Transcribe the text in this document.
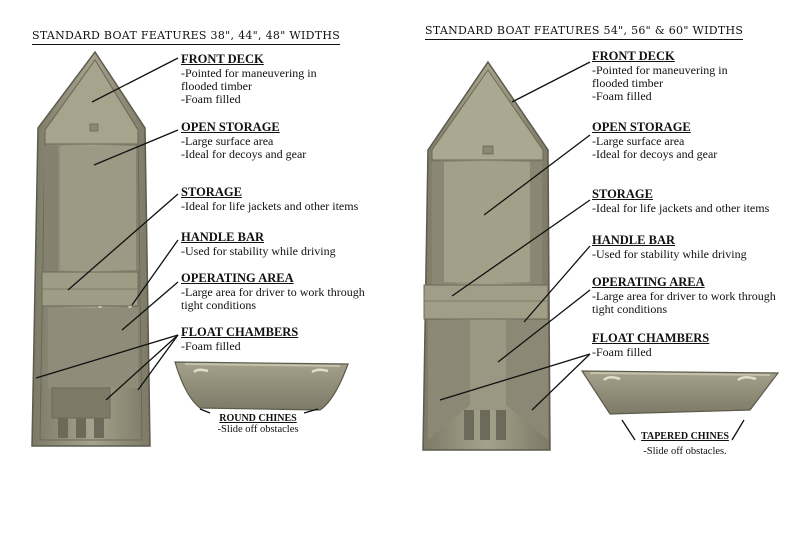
STANDARD BOAT FEATURES 38", 44", 48" WIDTHS	STANDARD BOAT FEATURES 54", 56" & 60" WIDTHS
FRONT DECK
-Pointed for maneuvering in
flooded timber
-Foam filled
OPEN STORAGE
-Large surface area
-Ideal for decoys and gear
STORAGE
-Ideal for life jackets and other items
HANDLE BAR
-Used for stability while driving
OPERATING AREA
-Large area for driver to work through
tight conditions
FLOAT CHAMBERS
-Foam filled
ROUND CHINES
-Slide off obstacles
FRONT DECK
-Pointed for maneuvering in
flooded timber
-Foam filled
OPEN STORAGE
-Large surface area
-Ideal for decoys and gear
STORAGE
-Ideal for life jackets and other items
HANDLE BAR
-Used for stability while driving
OPERATING AREA
-Large area for driver to work through
tight conditions
FLOAT CHAMBERS
-Foam filled
TAPERED CHINES
-Slide off obstacles.
